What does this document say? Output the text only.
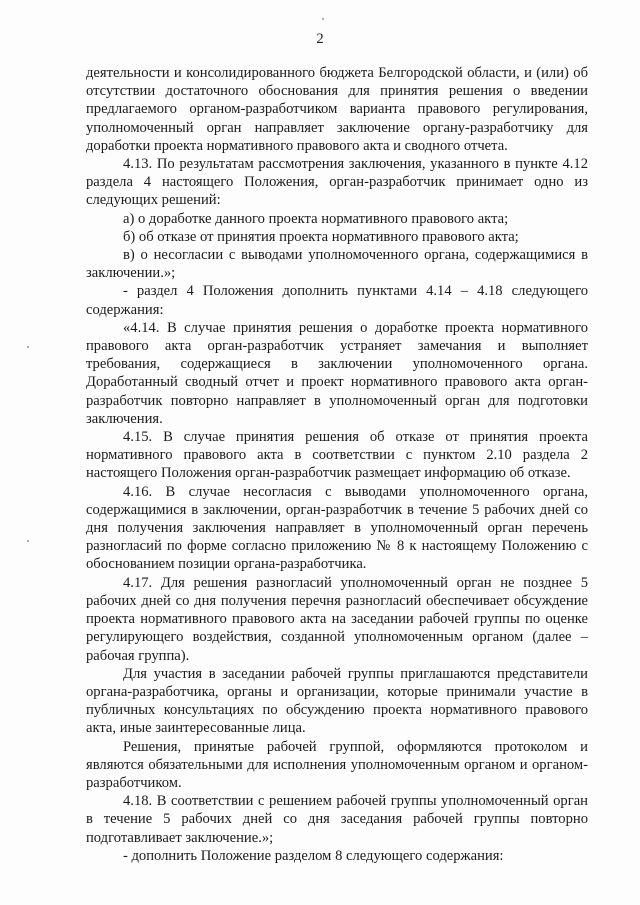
2

деятельности и консолидированного бюджета Белгородской области, и (или) об отсутствии достаточного обоснования для принятия решения о введении предлагаемого органом-разработчиком варианта правового регулирования, уполномоченный орган направляет заключение органу-разработчику для доработки проекта нормативного правового акта и сводного отчета.

4.13. По результатам рассмотрения заключения, указанного в пункте 4.12 раздела 4 настоящего Положения, орган-разработчик принимает одно из следующих решений:

а) о доработке данного проекта нормативного правового акта;

б) об отказе от принятия проекта нормативного правового акта;

в) о несогласии с выводами уполномоченного органа, содержащимися в заключении.»;

- раздел 4 Положения дополнить пунктами 4.14 – 4.18 следующего содержания:

«4.14. В случае принятия решения о доработке проекта нормативного правового акта орган-разработчик устраняет замечания и выполняет требования, содержащиеся в заключении уполномоченного органа. Доработанный сводный отчет и проект нормативного правового акта орган-разработчик повторно направляет в уполномоченный орган для подготовки заключения.

4.15. В случае принятия решения об отказе от принятия проекта нормативного правового акта в соответствии с пунктом 2.10 раздела 2 настоящего Положения орган-разработчик размещает информацию об отказе.

4.16. В случае несогласия с выводами уполномоченного органа, содержащимися в заключении, орган-разработчик в течение 5 рабочих дней со дня получения заключения направляет в уполномоченный орган перечень разногласий по форме согласно приложению № 8 к настоящему Положению с обоснованием позиции органа-разработчика.

4.17. Для решения разногласий уполномоченный орган не позднее 5 рабочих дней со дня получения перечня разногласий обеспечивает обсуждение проекта нормативного правового акта на заседании рабочей группы по оценке регулирующего воздействия, созданной уполномоченным органом (далее – рабочая группа).

Для участия в заседании рабочей группы приглашаются представители органа-разработчика, органы и организации, которые принимали участие в публичных консультациях по обсуждению проекта нормативного правового акта, иные заинтересованные лица.

Решения, принятые рабочей группой, оформляются протоколом и являются обязательными для исполнения уполномоченным органом и органом-разработчиком.

4.18. В соответствии с решением рабочей группы уполномоченный орган в течение 5 рабочих дней со дня заседания рабочей группы повторно подготавливает заключение.»;

- дополнить Положение разделом 8 следующего содержания:
